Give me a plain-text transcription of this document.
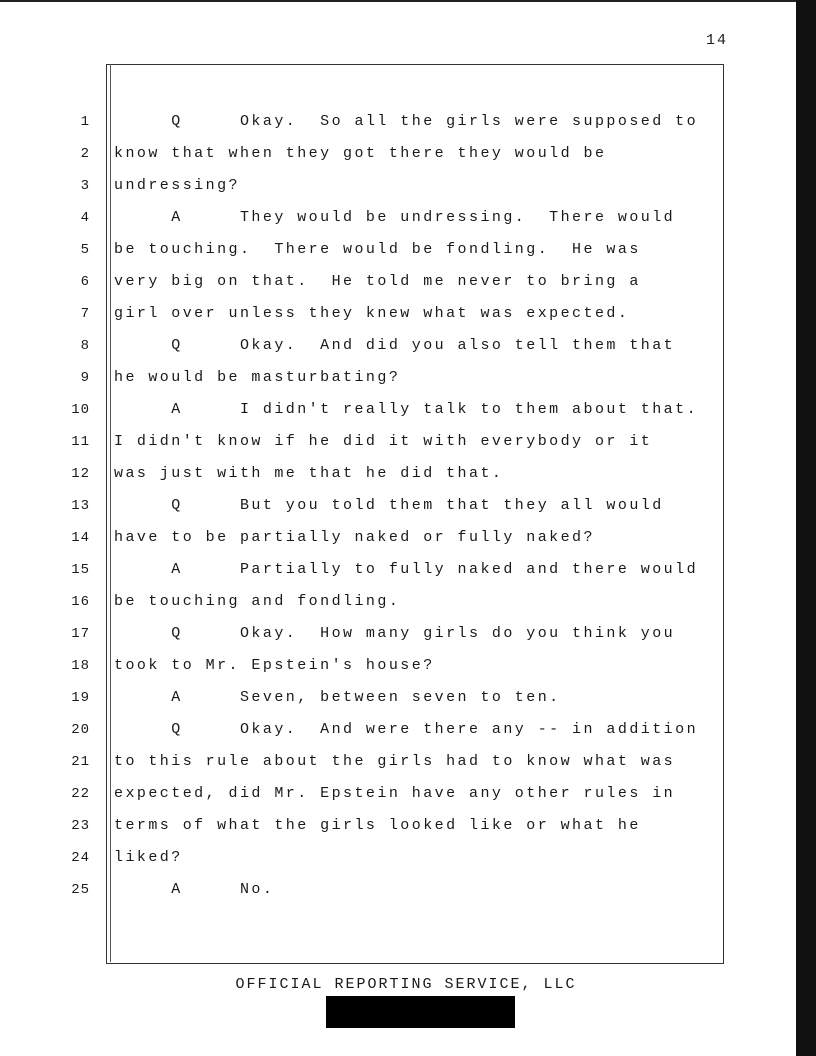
14
1 Q     Okay.  So all the girls were supposed to
2 know that when they got there they would be
3 undressing?
4 A     They would be undressing.  There would
5 be touching.  There would be fondling.  He was
6 very big on that.  He told me never to bring a
7 girl over unless they knew what was expected.
8 Q     Okay.  And did you also tell them that
9 he would be masturbating?
10 A     I didn't really talk to them about that.
11 I didn't know if he did it with everybody or it
12 was just with me that he did that.
13 Q     But you told them that they all would
14 have to be partially naked or fully naked?
15 A     Partially to fully naked and there would
16 be touching and fondling.
17 Q     Okay.  How many girls do you think you
18 took to Mr. Epstein's house?
19 A     Seven, between seven to ten.
20 Q     Okay.  And were there any -- in addition
21 to this rule about the girls had to know what was
22 expected, did Mr. Epstein have any other rules in
23 terms of what the girls looked like or what he
24 liked?
25 A     No.
OFFICIAL REPORTING SERVICE, LLC
